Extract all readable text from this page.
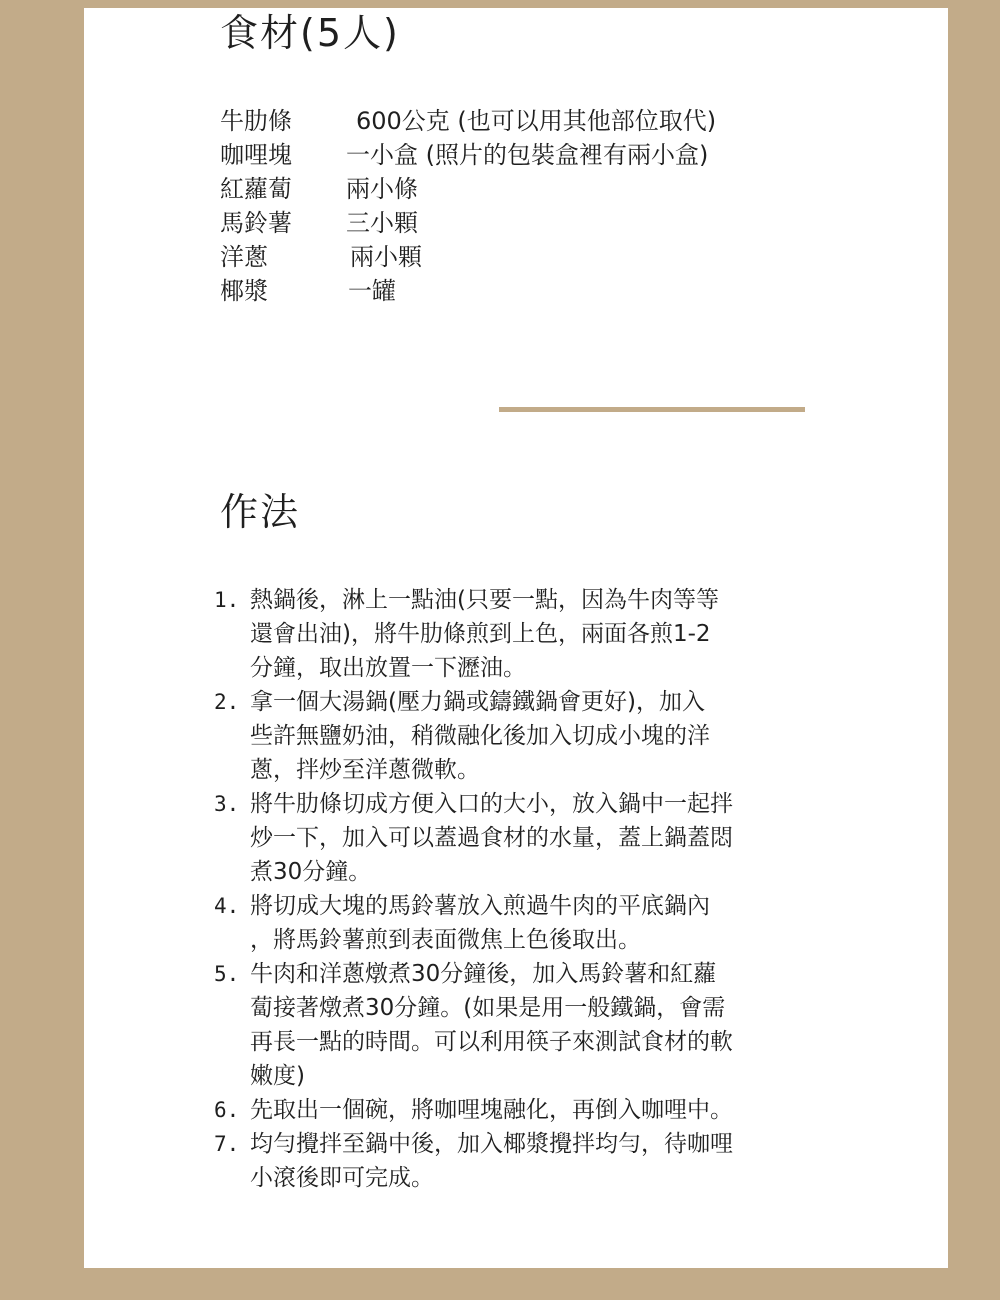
食材(5人)
牛肋條	600公克 (也可以用其他部位取代)
咖哩塊	一小盒 (照片的包裝盒裡有兩小盒)
紅蘿蔔	兩小條
馬鈴薯	三小顆
洋蔥	兩小顆
椰漿	一罐
作法
1. 熱鍋後，淋上一點油(只要一點，因為牛肉等等
還會出油)，將牛肋條煎到上色，兩面各煎1-2
分鐘，取出放置一下瀝油。
2. 拿一個大湯鍋(壓力鍋或鑄鐵鍋會更好)，加入
些許無鹽奶油，稍微融化後加入切成小塊的洋
蔥，拌炒至洋蔥微軟。
3. 將牛肋條切成方便入口的大小，放入鍋中一起拌
炒一下，加入可以蓋過食材的水量，蓋上鍋蓋悶
煮30分鐘。
4. 將切成大塊的馬鈴薯放入煎過牛肉的平底鍋內
，將馬鈴薯煎到表面微焦上色後取出。
5. 牛肉和洋蔥燉煮30分鐘後，加入馬鈴薯和紅蘿
蔔接著燉煮30分鐘。(如果是用一般鐵鍋，會需
再長一點的時間。可以利用筷子來測試食材的軟
嫩度)
6. 先取出一個碗，將咖哩塊融化，再倒入咖哩中。
7. 均勻攪拌至鍋中後，加入椰漿攪拌均勻，待咖哩
小滾後即可完成。
